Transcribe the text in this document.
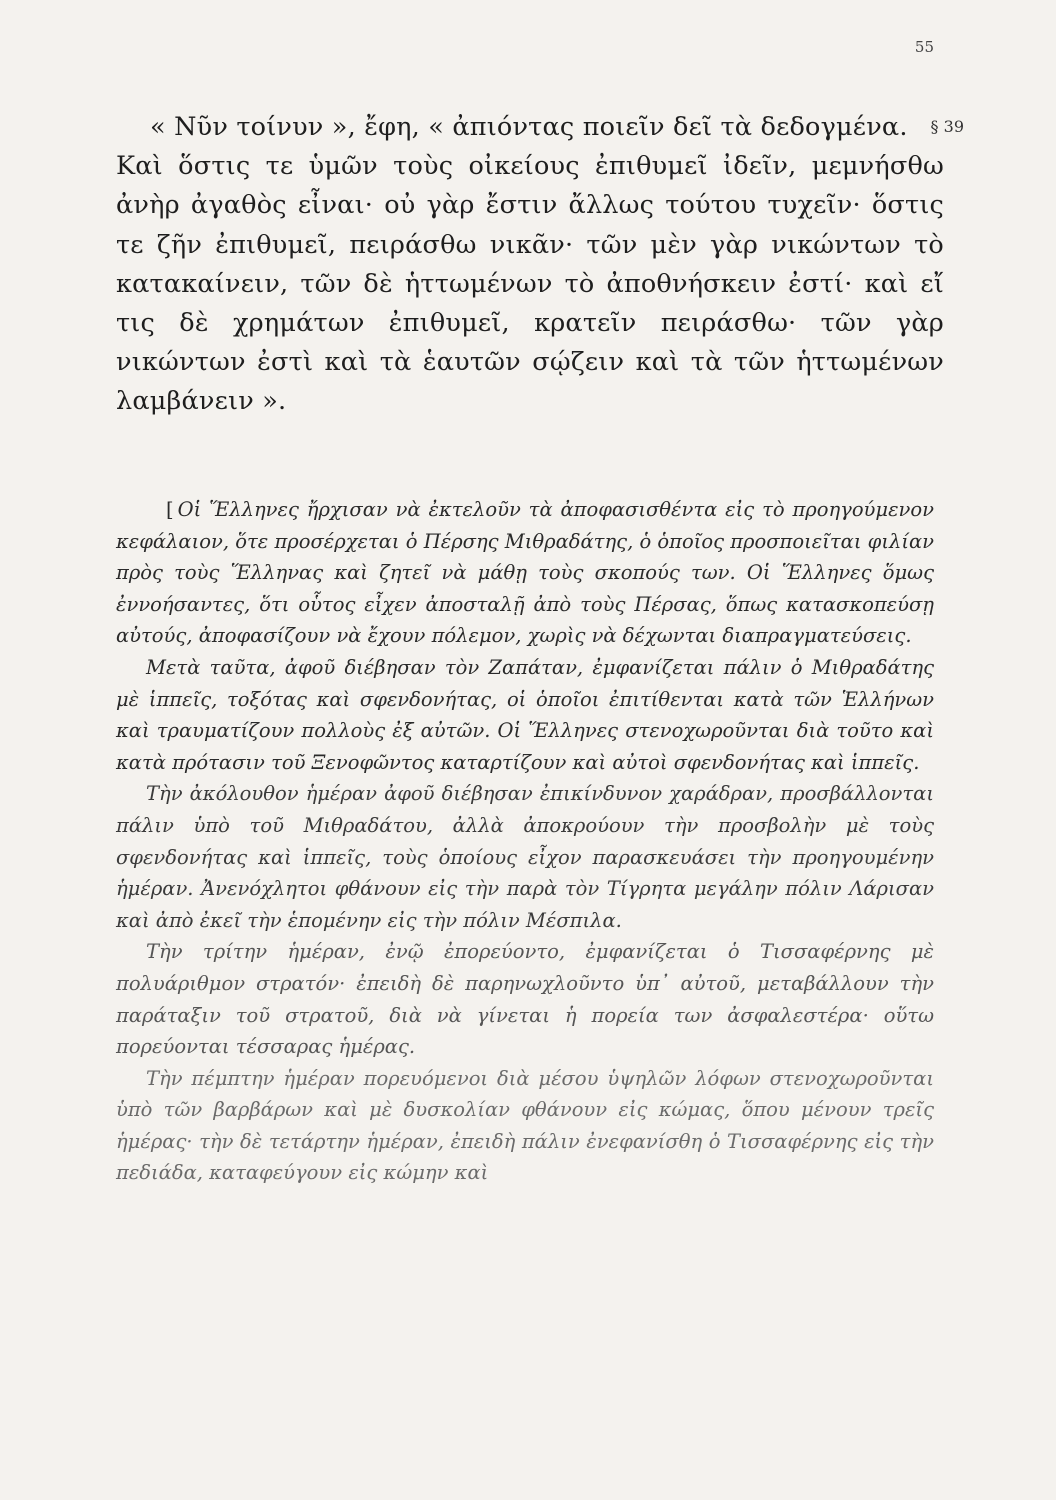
55
§ 39

« Νῦν τοίνυν », ἔφη, « ἀπιόντας ποιεῖν δεῖ τὰ δεδογμένα.

Καὶ ὅστις τε ὑμῶν τοὺς οἰκείους ἐπιθυμεῖ ἰδεῖν, μεμνήσθω ἀνὴρ ἀγαθὸς εἶναι· οὐ γὰρ ἔστιν ἄλλως τούτου τυχεῖν· ὅστις τε ζῆν ἐπιθυμεῖ, πειράσθω νικᾶν· τῶν μὲν γὰρ νικώντων τὸ κατακαίνειν, τῶν δὲ ἡττωμένων τὸ ἀποθνήσκειν ἐστί· καὶ εἴ τις δὲ χρημάτων ἐπιθυμεῖ, κρατεῖν πειράσθω· τῶν γὰρ νικώντων ἐστὶ καὶ τὰ ἑαυτῶν σῴζειν καὶ τὰ τῶν ἡττωμένων λαμβάνειν ».

[ Οἱ Ἕλληνες ἤρχισαν νὰ ἐκτελοῦν τὰ ἀποφασισθέντα εἰς τὸ προηγούμενον κεφάλαιον, ὅτε προσέρχεται ὁ Πέρσης Μιθραδάτης, ὁ ὁποῖος προσποιεῖται φιλίαν πρὸς τοὺς Ἕλληνας καὶ ζητεῖ νὰ μάθῃ τοὺς σκοπούς των. Οἱ Ἕλληνες ὅμως ἐννοήσαντες, ὅτι οὗτος εἶχεν ἀποσταλῇ ἀπὸ τοὺς Πέρσας, ὅπως κατασκοπεύσῃ αὐτούς, ἀποφασίζουν νὰ ἔχουν πόλεμον, χωρὶς νὰ δέχωνται διαπραγματεύσεις.

Μετὰ ταῦτα, ἀφοῦ διέβησαν τὸν Ζαπάταν, ἐμφανίζεται πάλιν ὁ Μιθραδάτης μὲ ἱππεῖς, τοξότας καὶ σφενδονήτας, οἱ ὁποῖοι ἐπιτίθενται κατὰ τῶν Ἑλλήνων καὶ τραυματίζουν πολλοὺς ἐξ αὐτῶν. Οἱ Ἕλληνες στενοχωροῦνται διὰ τοῦτο καὶ κατὰ πρότασιν τοῦ Ξενοφῶντος καταρτίζουν καὶ αὐτοὶ σφενδονήτας καὶ ἱππεῖς.

Τὴν ἀκόλουθον ἡμέραν ἀφοῦ διέβησαν ἐπικίνδυνον χαράδραν, προσβάλλονται πάλιν ὑπὸ τοῦ Μιθραδάτου, ἀλλὰ ἀποκρούουν τὴν προσβολὴν μὲ τοὺς σφενδονήτας καὶ ἱππεῖς, τοὺς ὁποίους εἶχον παρασκευάσει τὴν προηγουμένην ἡμέραν. Ἀνενόχλητοι φθάνουν εἰς τὴν παρὰ τὸν Τίγρητα μεγάλην πόλιν Λάρισαν καὶ ἀπὸ ἐκεῖ τὴν ἑπομένην εἰς τὴν πόλιν Μέσπιλα.

Τὴν τρίτην ἡμέραν, ἐνῷ ἐπορεύοντο, ἐμφανίζεται ὁ Τισσαφέρνης μὲ πολυάριθμον στρατόν· ἐπειδὴ δὲ παρηνωχλοῦντο ὑπ᾽ αὐτοῦ, μεταβάλλουν τὴν παράταξιν τοῦ στρατοῦ, διὰ νὰ γίνεται ἡ πορεία των ἀσφαλεστέρα· οὕτω πορεύονται τέσσαρας ἡμέρας.

Τὴν πέμπτην ἡμέραν πορευόμενοι διὰ μέσου ὑψηλῶν λόφων στενοχωροῦνται ὑπὸ τῶν βαρβάρων καὶ μὲ δυσκολίαν φθάνουν εἰς κώμας, ὅπου μένουν τρεῖς ἡμέρας· τὴν δὲ τετάρτην ἡμέραν, ἐπειδὴ πάλιν ἐνεφανίσθη ὁ Τισσαφέρνης εἰς τὴν πεδιάδα, καταφεύγουν εἰς κώμην καὶ
